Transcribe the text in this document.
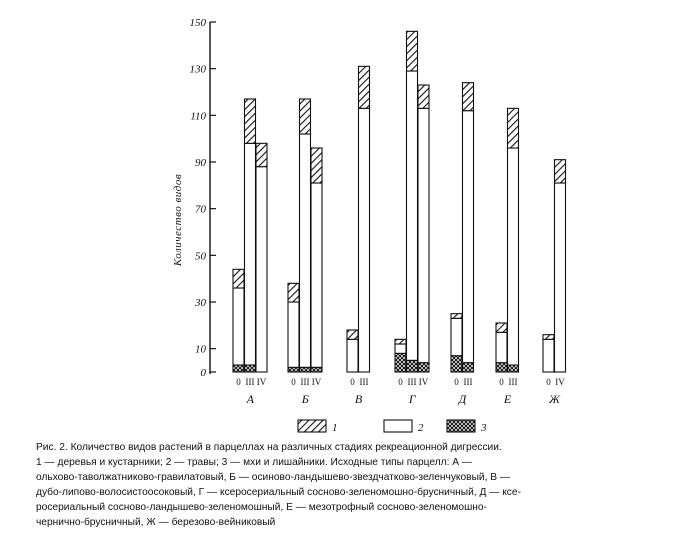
0
10
30
50
70
90
110
130
150
Количество видов
0 III IV
А
0 III IV
Б
0 III
В
0 III IV
Г
0 III
Д
0 III
Е
0 IV
Ж
1	2	3
Рис. 2. Количество видов растений в парцеллах на различных стадиях рекреационной дигрессии.
1 — деревья и кустарники; 2 — травы; 3 — мхи и лишайники. Исходные типы парцелл: А —
ольхово-таволжатниково-гравилатовый, Б — осиново-ландышево-звездчатково-зеленчуковый, В —
дубо-липово-волосистоосоковый, Г — ксеросериальный сосново-зеленомошно-брусничный, Д — ксе-
росериальный сосново-ландышево-зеленомошный, Е — мезотрофный сосново-зеленомошно-
чернично-брусничный, Ж — березово-вейниковый
